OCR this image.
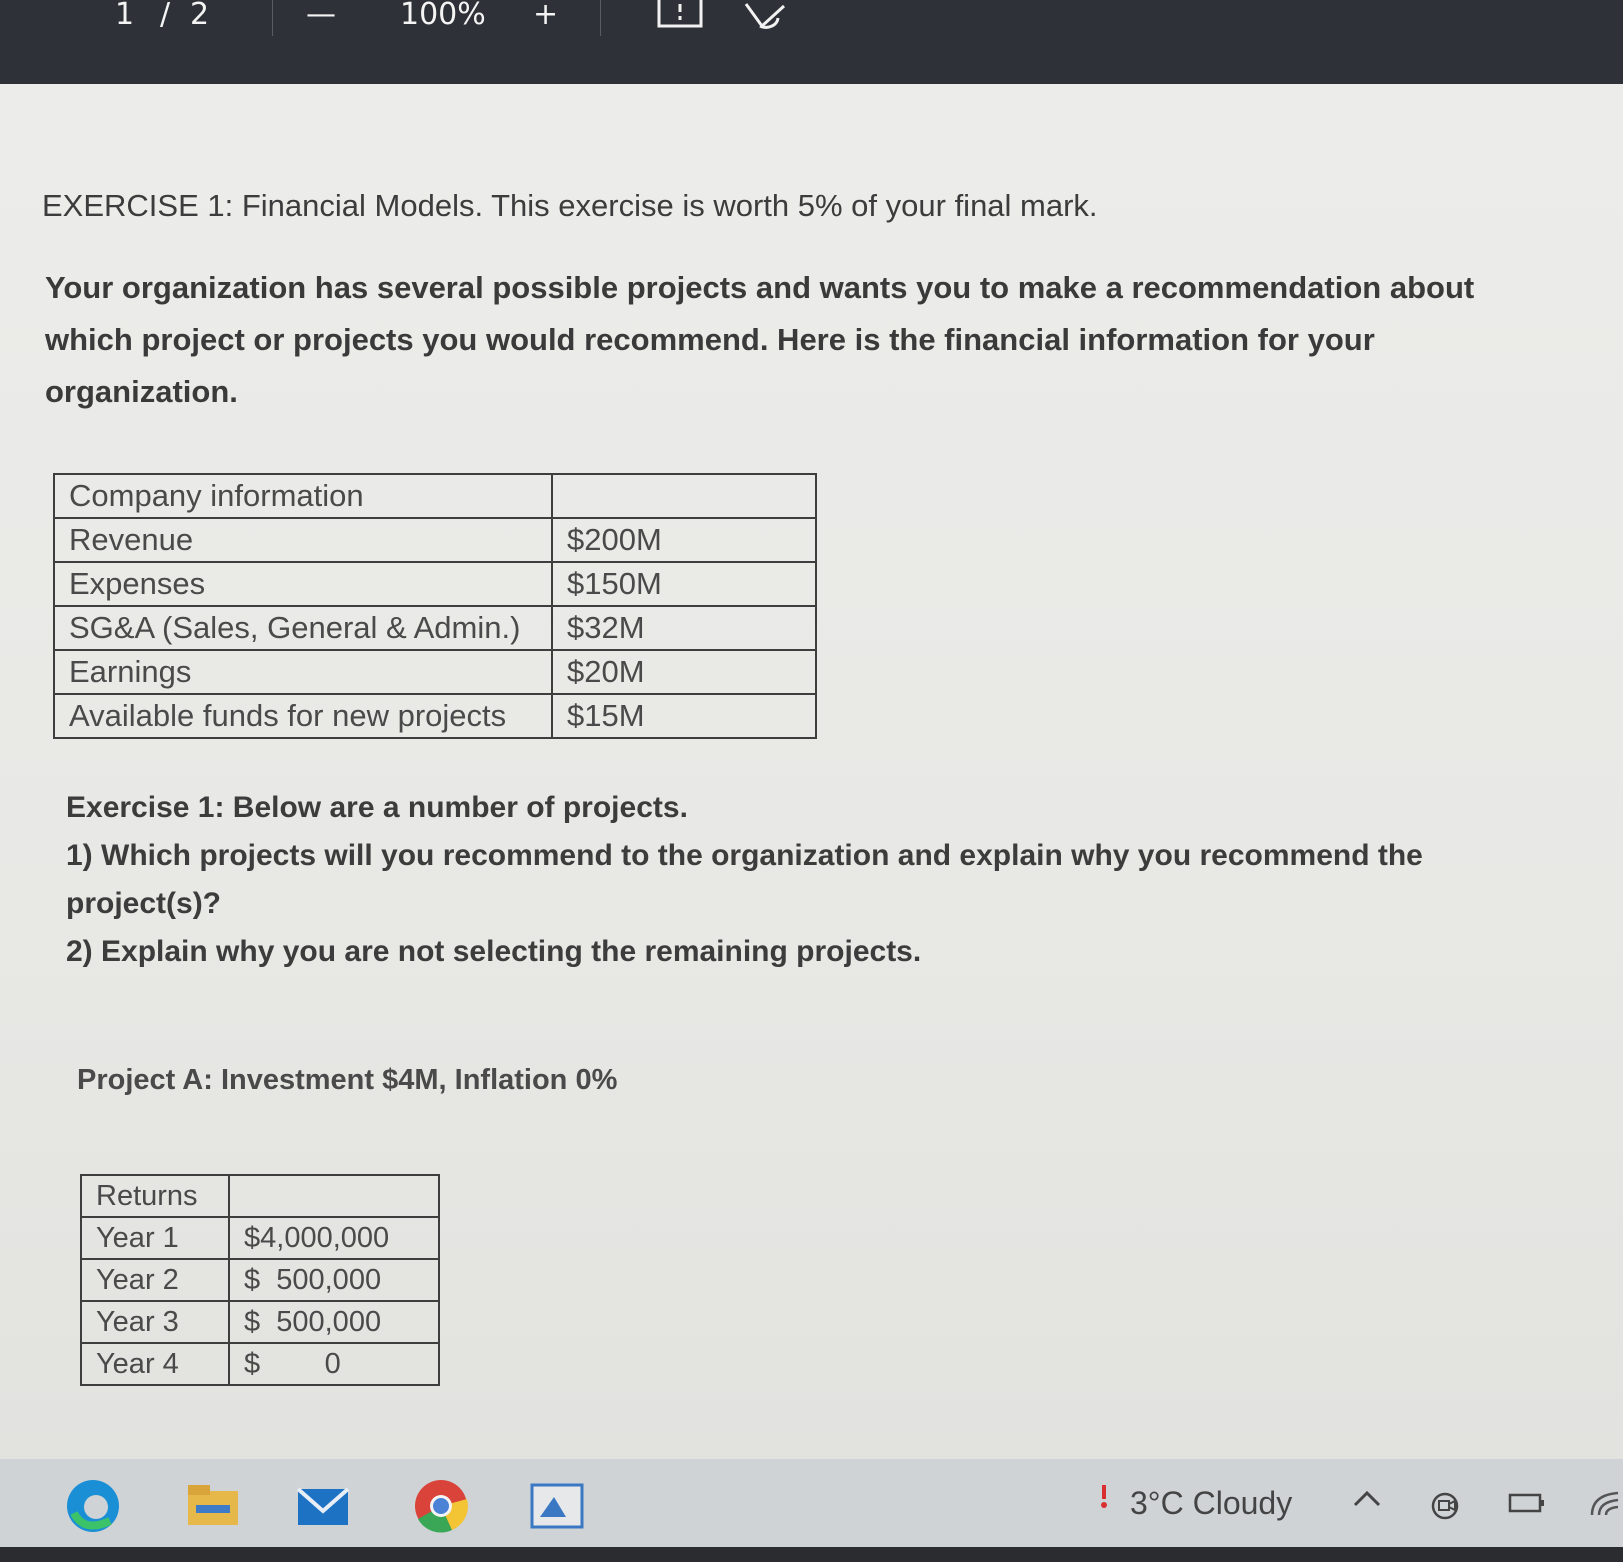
1 / 2	— 100% +
EXERCISE 1: Financial Models. This exercise is worth 5% of your final mark.
Your organization has several possible projects and wants you to make a recommendation about which project or projects you would recommend. Here is the financial information for your organization.
Company information	
Revenue	$200M
Expenses	$150M
SG&A (Sales, General & Admin.)	$32M
Earnings	$20M
Available funds for new projects	$15M
Exercise 1: Below are a number of projects.
1) Which projects will you recommend to the organization and explain why you recommend the project(s)?
2) Explain why you are not selecting the remaining projects.
Project A: Investment $4M, Inflation 0%
Returns	
Year 1	$4,000,000
Year 2	$  500,000
Year 3	$  500,000
Year 4	$        0
3°C Cloudy
